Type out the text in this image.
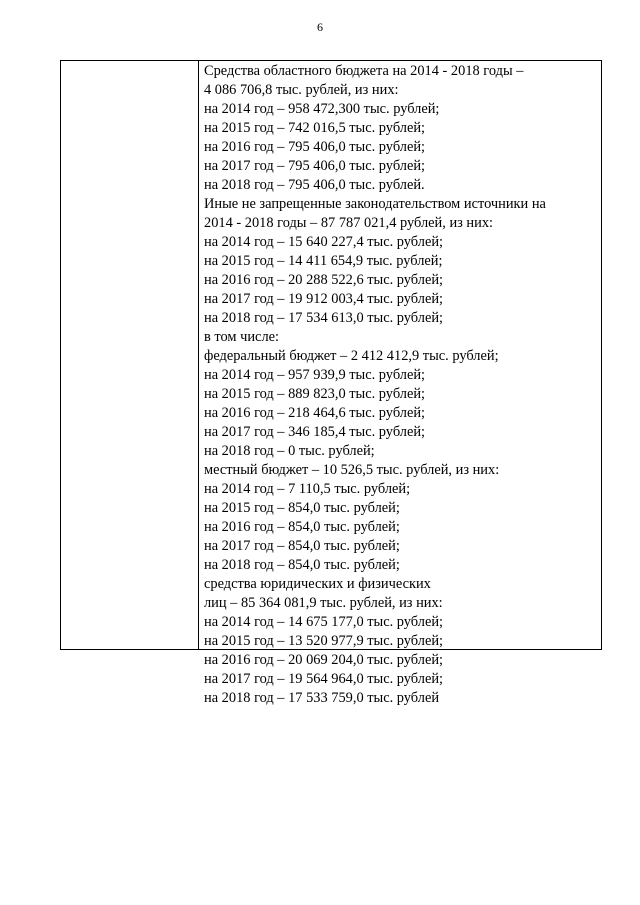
6
Средства областного бюджета на 2014 - 2018 годы –
4 086 706,8 тыс. рублей, из них:
на 2014 год – 958 472,300 тыс. рублей;
на 2015 год – 742 016,5 тыс. рублей;
на 2016 год – 795 406,0 тыс. рублей;
на 2017 год – 795 406,0 тыс. рублей;
на 2018 год – 795 406,0 тыс. рублей.
Иные не запрещенные законодательством источники на
2014 - 2018 годы – 87 787 021,4 рублей, из них:
на 2014 год – 15 640 227,4 тыс. рублей;
на 2015 год – 14 411 654,9 тыс. рублей;
на 2016 год – 20 288 522,6 тыс. рублей;
на 2017 год – 19 912 003,4 тыс. рублей;
на 2018 год – 17 534 613,0 тыс. рублей;
в том числе:
федеральный бюджет – 2 412 412,9 тыс. рублей;
на 2014 год – 957 939,9 тыс. рублей;
на 2015 год – 889 823,0 тыс. рублей;
на 2016 год – 218 464,6 тыс. рублей;
на 2017 год – 346 185,4 тыс. рублей;
на 2018 год – 0 тыс. рублей;
местный бюджет – 10 526,5 тыс. рублей, из них:
на 2014 год – 7 110,5 тыс. рублей;
на 2015 год – 854,0 тыс. рублей;
на 2016 год – 854,0 тыс. рублей;
на 2017 год – 854,0 тыс. рублей;
на 2018 год – 854,0 тыс. рублей;
средства юридических и физических
лиц – 85 364 081,9 тыс. рублей, из них:
на 2014 год – 14 675 177,0 тыс. рублей;
на 2015 год – 13 520 977,9 тыс. рублей;
на 2016 год – 20 069 204,0 тыс. рублей;
на 2017 год – 19 564 964,0 тыс. рублей;
на 2018 год – 17 533 759,0 тыс. рублей
